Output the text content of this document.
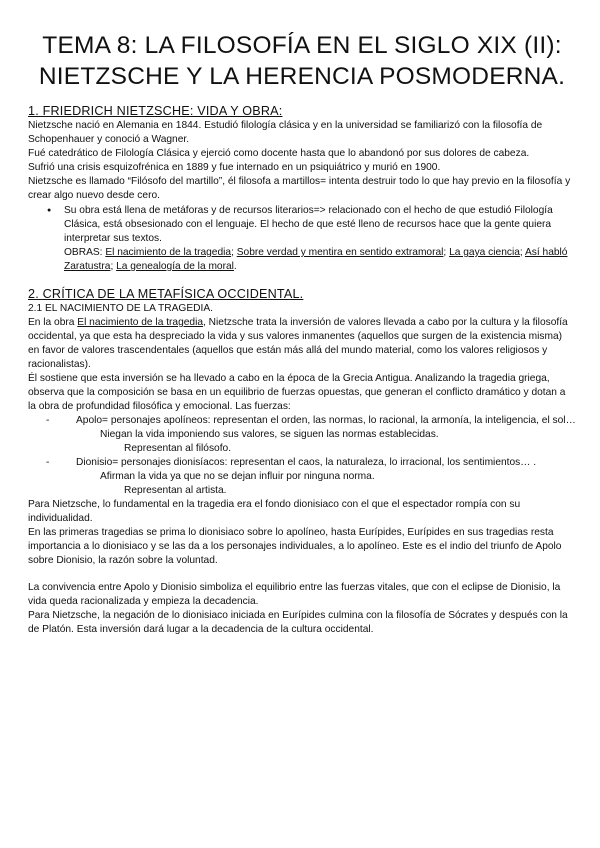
TEMA 8: LA FILOSOFÍA EN EL SIGLO XIX (II): NIETZSCHE Y LA HERENCIA POSMODERNA.
1. FRIEDRICH NIETZSCHE: VIDA Y OBRA:

Nietzsche nació en Alemania en 1844. Estudió filología clásica y en la universidad se familiarizó con la filosofía de Schopenhauer y conoció a Wagner.

Fué catedrático de Filología Clásica y ejerció como docente hasta que lo abandonó por sus dolores de cabeza.

Sufrió una crisis esquizofrénica en 1889 y fue internado en un psiquiátrico y murió en 1900.

Nietzsche es llamado “Filósofo del martillo”, él filosofa a martillos= intenta destruir todo lo que hay previo en la filosofía y crear algo nuevo desde cero.

● Su obra está llena de metáforas y de recursos literarios=> relacionado con el hecho de que estudió Filología Clásica, está obsesionado con el lenguaje. El hecho de que esté lleno de recursos hace que la gente quiera interpretar sus textos.
OBRAS: El nacimiento de la tragedia; Sobre verdad y mentira en sentido extramoral; La gaya ciencia; Así habló Zaratustra; La genealogía de la moral.
2. CRÍTICA DE LA METAFÍSICA OCCIDENTAL.

2.1 EL NACIMIENTO DE LA TRAGEDIA.

En la obra El nacimiento de la tragedia, Nietzsche trata la inversión de valores llevada a cabo por la cultura y la filosofía occidental, ya que esta ha despreciado la vida y sus valores inmanentes (aquellos que surgen de la existencia misma) en favor de valores trascendentales (aquellos que están más allá del mundo material, como los valores religiosos y racionalistas).

Él sostiene que esta inversión se ha llevado a cabo en la época de la Grecia Antigua. Analizando la tragedia griega, observa que la composición se basa en un equilibrio de fuerzas opuestas, que generan el conflicto dramático y dotan a la obra de profundidad filosófica y emocional. Las fuerzas:

- Apolo= personajes apolíneos: representan el orden, las normas, lo racional, la armonía, la inteligencia, el sol…

Niegan la vida imponiendo sus valores, se siguen las normas establecidas.

Representan al filósofo.

- Dionisio= personajes dionisíacos: representan el caos, la naturaleza, lo irracional, los sentimientos… .

Afirman la vida ya que no se dejan influir por ninguna norma.

Representan al artista.

Para Nietzsche, lo fundamental en la tragedia era el fondo dionisiaco con el que el espectador rompía con su individualidad.

En las primeras tragedias se prima lo dionisiaco sobre lo apolíneo, hasta Eurípides, Eurípides en sus tragedias resta importancia a lo dionisiaco y se las da a los personajes individuales, a lo apolíneo. Este es el indio del triunfo de Apolo sobre Dionisio, la razón sobre la voluntad.

La convivencia entre Apolo y Dionisio simboliza el equilibrio entre las fuerzas vitales, que con el eclipse de Dionisio, la vida queda racionalizada y empieza la decadencia.

Para Nietzsche, la negación de lo dionisiaco iniciada en Eurípides culmina con la filosofía de Sócrates y después con la de Platón. Esta inversión dará lugar a la decadencia de la cultura occidental.
